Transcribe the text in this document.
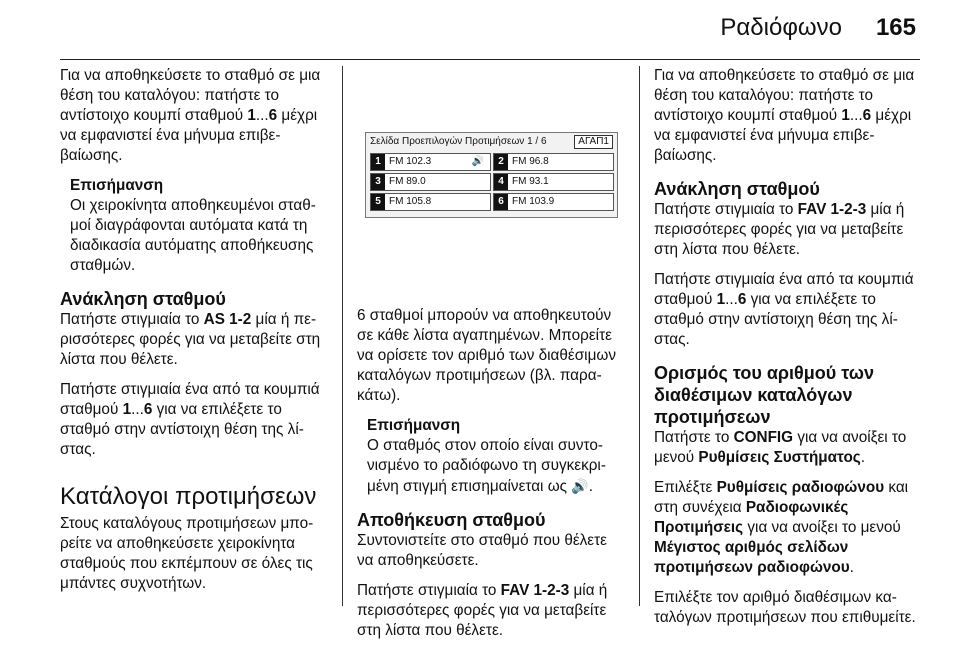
Ραδιόφωνο 165

Για να αποθηκεύσετε το σταθμό σε μια θέση του καταλόγου: πατήστε το αντίστοιχο κουμπί σταθμού 1...6 μέχρι να εμφανιστεί ένα μήνυμα επιβεβαίωσης.

Επισήμανση
Οι χειροκίνητα αποθηκευμένοι σταθμοί διαγράφονται αυτόματα κατά τη διαδικασία αυτόματης αποθήκευσης σταθμών.
Ανάκληση σταθμού

Πατήστε στιγμιαία το AS 1-2 μία ή περισσότερες φορές για να μεταβείτε στη λίστα που θέλετε.

Πατήστε στιγμιαία ένα από τα κουμπιά σταθμού 1...6 για να επιλέξετε το σταθμό στην αντίστοιχη θέση της λίστας.

Κατάλογοι προτιμήσεων

Στους καταλόγους προτιμήσεων μπορείτε να αποθηκεύσετε χειροκίνητα σταθμούς που εκπέμπουν σε όλες τις μπάντες συχνοτήτων.

Σελίδα Προεπιλογών Προτιμήσεων 1 / 6	ΑΓΑΠ1
1 FM 102.3	🔊	2 FM 96.8
3 FM 89.0	4 FM 93.1
5 FM 105.8	6 FM 103.9

6 σταθμοί μπορούν να αποθηκευτούν σε κάθε λίστα αγαπημένων. Μπορείτε να ορίσετε τον αριθμό των διαθέσιμων καταλόγων προτιμήσεων (βλ. παρακάτω).

Επισήμανση
Ο σταθμός στον οποίο είναι συντονισμένο το ραδιόφωνο τη συγκεκριμένη στιγμή επισημαίνεται ως 🔊.
Αποθήκευση σταθμού

Συντονιστείτε στο σταθμό που θέλετε να αποθηκεύσετε.

Πατήστε στιγμιαία το FAV 1-2-3 μία ή περισσότερες φορές για να μεταβείτε στη λίστα που θέλετε.

Για να αποθηκεύσετε το σταθμό σε μια θέση του καταλόγου: πατήστε το αντίστοιχο κουμπί σταθμού 1...6 μέχρι να εμφανιστεί ένα μήνυμα επιβεβαίωσης.

Ανάκληση σταθμού

Πατήστε στιγμιαία το FAV 1-2-3 μία ή περισσότερες φορές για να μεταβείτε στη λίστα που θέλετε.

Πατήστε στιγμιαία ένα από τα κουμπιά σταθμού 1...6 για να επιλέξετε το σταθμό στην αντίστοιχη θέση της λίστας.

Ορισμός του αριθμού των διαθέσιμων καταλόγων προτιμήσεων

Πατήστε το CONFIG για να ανοίξει το μενού Ρυθμίσεις Συστήματος.

Επιλέξτε Ρυθμίσεις ραδιοφώνου και στη συνέχεια Ραδιοφωνικές Προτιμήσεις για να ανοίξει το μενού Μέγιστος αριθμός σελίδων προτιμήσεων ραδιοφώνου.

Επιλέξτε τον αριθμό διαθέσιμων καταλόγων προτιμήσεων που επιθυμείτε.
